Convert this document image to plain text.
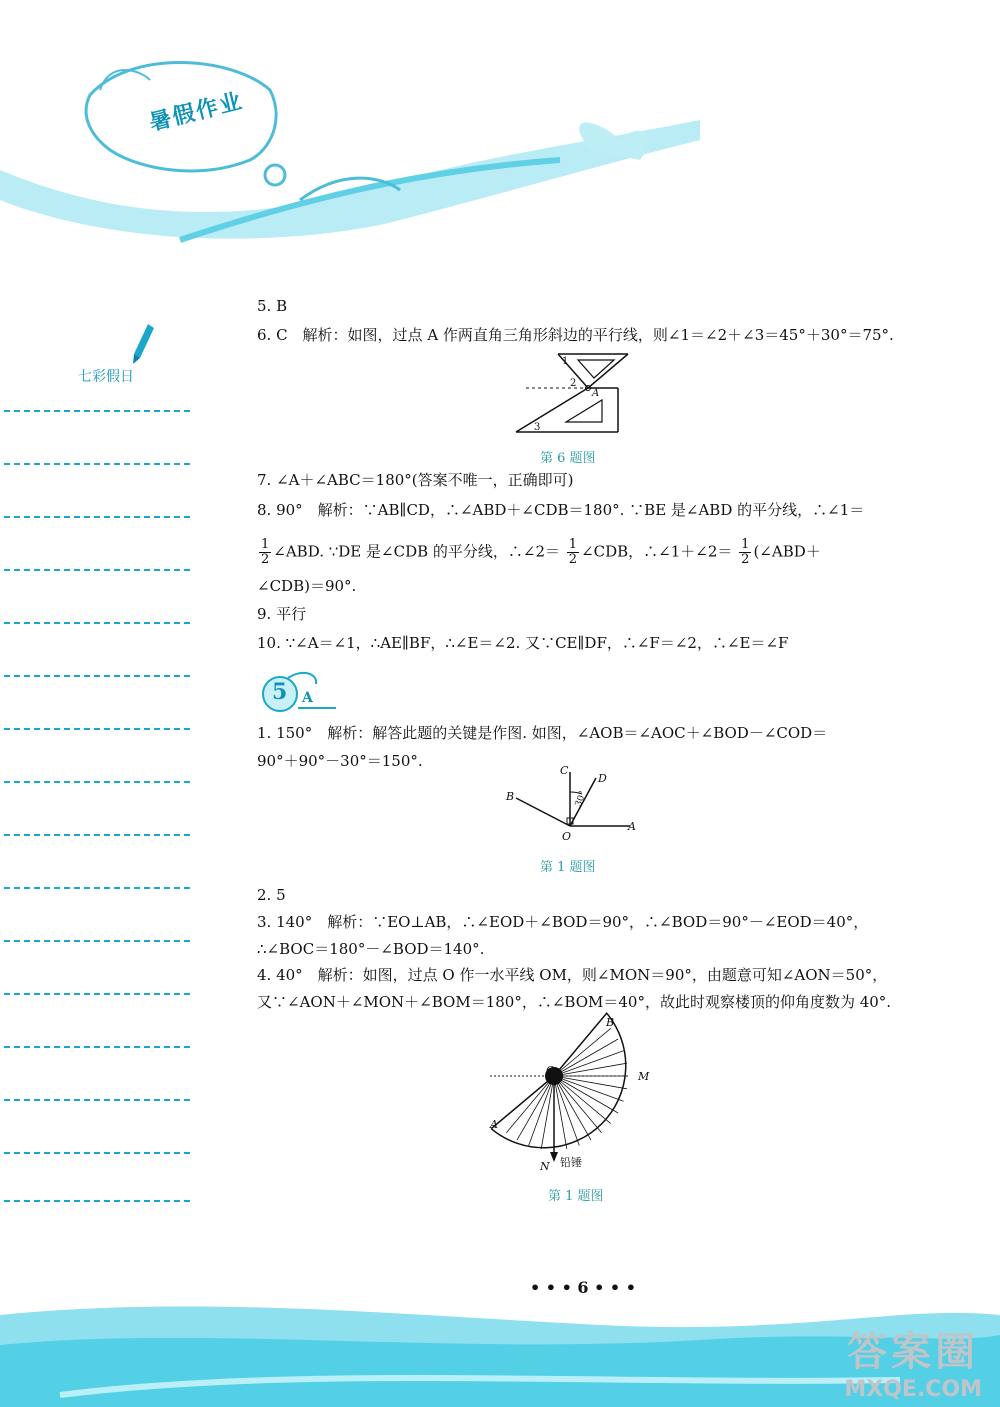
暑假作业
七彩假日
5. B
6. C　解析：如图，过点 A 作两直角三角形斜边的平行线，则∠1＝∠2＋∠3＝45°＋30°＝75°.
1
2
3
A
第 6 题图
7. ∠A＋∠ABC＝180°(答案不唯一，正确即可)
8. 90°　解析：∵AB∥CD，∴∠ABD＋∠CDB＝180°. ∵BE 是∠ABD 的平分线，∴∠1＝
$\frac{1}{2}$ ∠ABD. ∵DE 是∠CDB 的平分线，∴∠2＝ $\frac{1}{2}$ ∠CDB，∴∠1＋∠2＝ $\frac{1}{2}$ (∠ABD＋
∠CDB)＝90°.
9. 平行
10. ∵∠A＝∠1，∴AE∥BF，∴∠E＝∠2. 又∵CE∥DF，∴∠F＝∠2，∴∠E＝∠F
5 A
1. 150°　解析：解答此题的关键是作图. 如图，∠AOB＝∠AOC＋∠BOD－∠COD＝
90°＋90°－30°＝150°.
C
D
B
O
A
30°
第 1 题图
2. 5
3. 140°　解析：∵EO⊥AB，∴∠EOD＋∠BOD＝90°，∴∠BOD＝90°－∠EOD＝40°，
∴∠BOC＝180°－∠BOD＝140°.
4. 40°　解析：如图，过点 O 作一水平线 OM，则∠MON＝90°，由题意可知∠AON＝50°，
又∵∠AON＋∠MON＋∠BOM＝180°，∴∠BOM＝40°，故此时观察楼顶的仰角度数为 40°.
O
B
M
A
N 铅锤
第 1 题图
• • • 6 • • •
答案圈
MXQE.COM
